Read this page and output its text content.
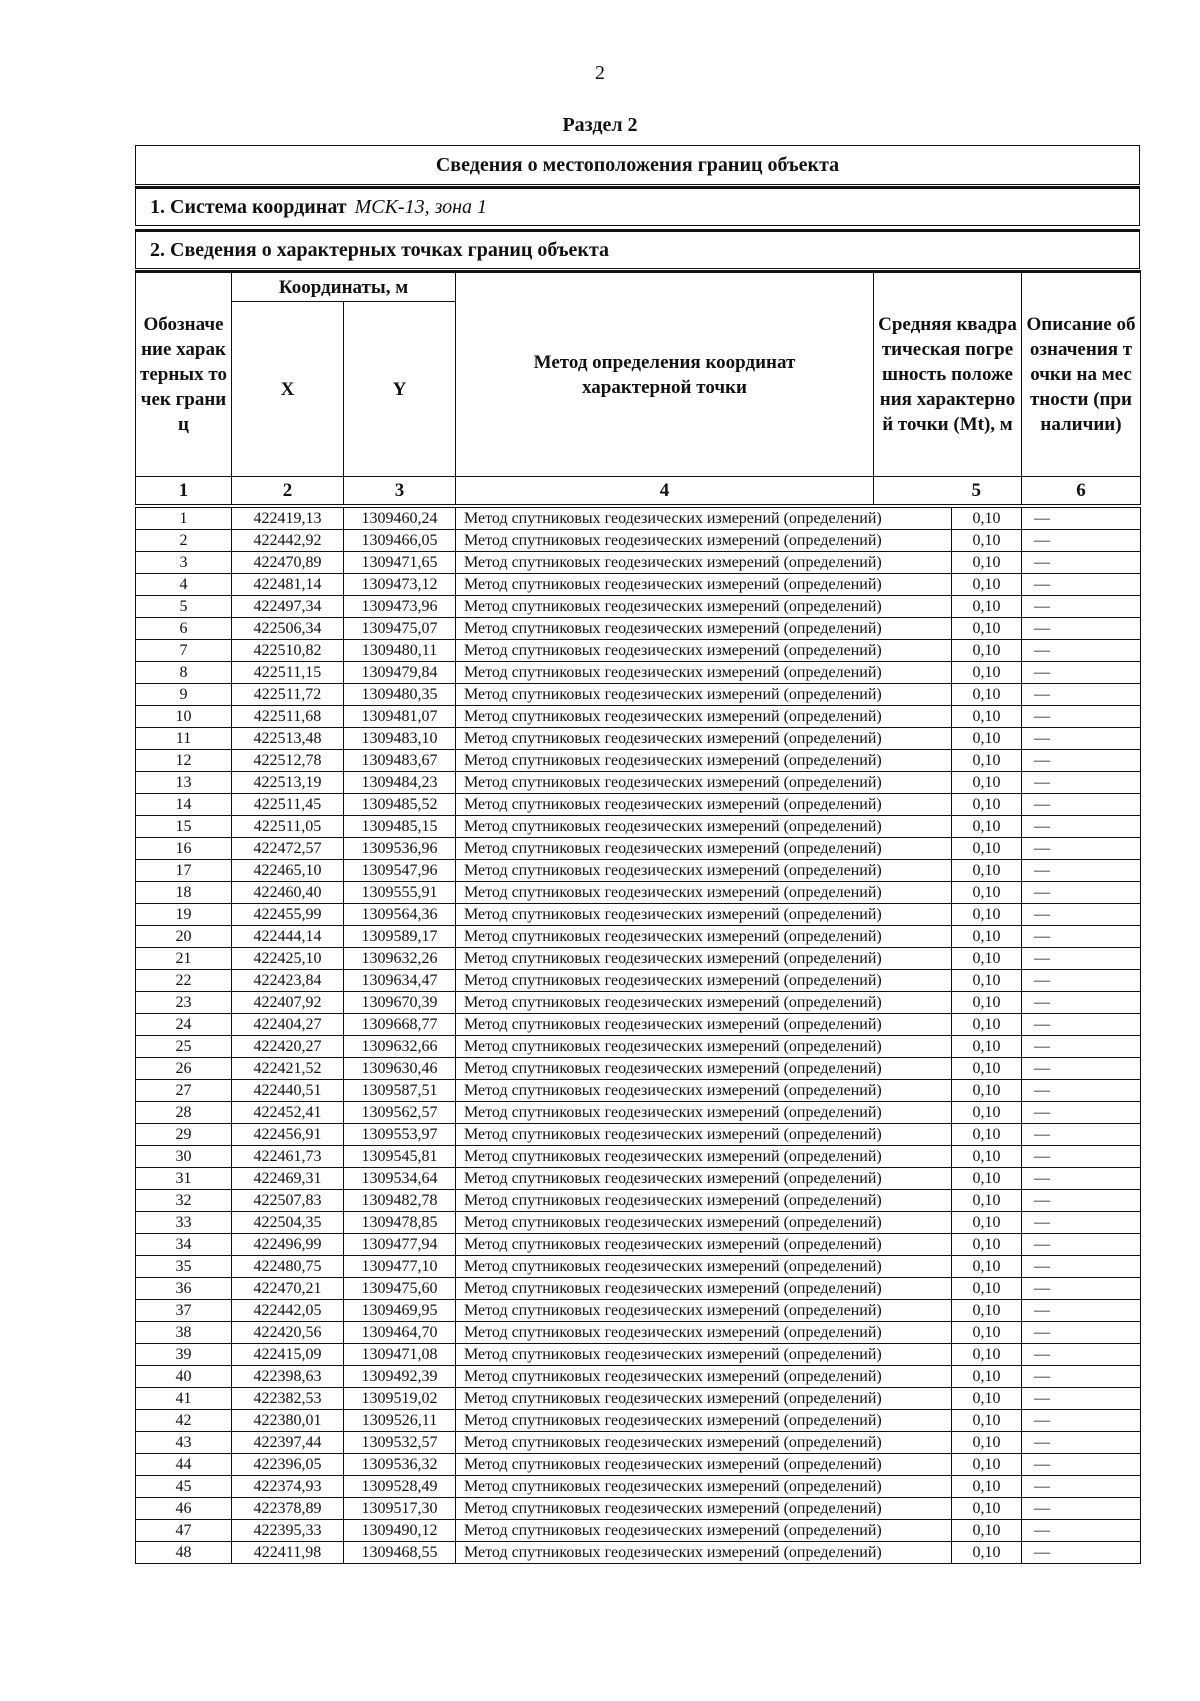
2
Раздел 2
Сведения о местоположения границ объекта
1. Система координат МСК-13, зона 1
2. Сведения о характерных точках границ объекта
Обозначение характерных точек границ	Координаты, м		Метод определения координат характерной точки	Средняя квадратическая погрешность положения характерной точки (Mt), м	Описание обозначения точки на местности (при наличии)
	X	Y			
1	2	3	4	5	6
1	422419,13	1309460,24	Метод спутниковых геодезических измерений (определений)	0,10	—
2	422442,92	1309466,05	Метод спутниковых геодезических измерений (определений)	0,10	—
3	422470,89	1309471,65	Метод спутниковых геодезических измерений (определений)	0,10	—
4	422481,14	1309473,12	Метод спутниковых геодезических измерений (определений)	0,10	—
5	422497,34	1309473,96	Метод спутниковых геодезических измерений (определений)	0,10	—
6	422506,34	1309475,07	Метод спутниковых геодезических измерений (определений)	0,10	—
7	422510,82	1309480,11	Метод спутниковых геодезических измерений (определений)	0,10	—
8	422511,15	1309479,84	Метод спутниковых геодезических измерений (определений)	0,10	—
9	422511,72	1309480,35	Метод спутниковых геодезических измерений (определений)	0,10	—
10	422511,68	1309481,07	Метод спутниковых геодезических измерений (определений)	0,10	—
11	422513,48	1309483,10	Метод спутниковых геодезических измерений (определений)	0,10	—
12	422512,78	1309483,67	Метод спутниковых геодезических измерений (определений)	0,10	—
13	422513,19	1309484,23	Метод спутниковых геодезических измерений (определений)	0,10	—
14	422511,45	1309485,52	Метод спутниковых геодезических измерений (определений)	0,10	—
15	422511,05	1309485,15	Метод спутниковых геодезических измерений (определений)	0,10	—
16	422472,57	1309536,96	Метод спутниковых геодезических измерений (определений)	0,10	—
17	422465,10	1309547,96	Метод спутниковых геодезических измерений (определений)	0,10	—
18	422460,40	1309555,91	Метод спутниковых геодезических измерений (определений)	0,10	—
19	422455,99	1309564,36	Метод спутниковых геодезических измерений (определений)	0,10	—
20	422444,14	1309589,17	Метод спутниковых геодезических измерений (определений)	0,10	—
21	422425,10	1309632,26	Метод спутниковых геодезических измерений (определений)	0,10	—
22	422423,84	1309634,47	Метод спутниковых геодезических измерений (определений)	0,10	—
23	422407,92	1309670,39	Метод спутниковых геодезических измерений (определений)	0,10	—
24	422404,27	1309668,77	Метод спутниковых геодезических измерений (определений)	0,10	—
25	422420,27	1309632,66	Метод спутниковых геодезических измерений (определений)	0,10	—
26	422421,52	1309630,46	Метод спутниковых геодезических измерений (определений)	0,10	—
27	422440,51	1309587,51	Метод спутниковых геодезических измерений (определений)	0,10	—
28	422452,41	1309562,57	Метод спутниковых геодезических измерений (определений)	0,10	—
29	422456,91	1309553,97	Метод спутниковых геодезических измерений (определений)	0,10	—
30	422461,73	1309545,81	Метод спутниковых геодезических измерений (определений)	0,10	—
31	422469,31	1309534,64	Метод спутниковых геодезических измерений (определений)	0,10	—
32	422507,83	1309482,78	Метод спутниковых геодезических измерений (определений)	0,10	—
33	422504,35	1309478,85	Метод спутниковых геодезических измерений (определений)	0,10	—
34	422496,99	1309477,94	Метод спутниковых геодезических измерений (определений)	0,10	—
35	422480,75	1309477,10	Метод спутниковых геодезических измерений (определений)	0,10	—
36	422470,21	1309475,60	Метод спутниковых геодезических измерений (определений)	0,10	—
37	422442,05	1309469,95	Метод спутниковых геодезических измерений (определений)	0,10	—
38	422420,56	1309464,70	Метод спутниковых геодезических измерений (определений)	0,10	—
39	422415,09	1309471,08	Метод спутниковых геодезических измерений (определений)	0,10	—
40	422398,63	1309492,39	Метод спутниковых геодезических измерений (определений)	0,10	—
41	422382,53	1309519,02	Метод спутниковых геодезических измерений (определений)	0,10	—
42	422380,01	1309526,11	Метод спутниковых геодезических измерений (определений)	0,10	—
43	422397,44	1309532,57	Метод спутниковых геодезических измерений (определений)	0,10	—
44	422396,05	1309536,32	Метод спутниковых геодезических измерений (определений)	0,10	—
45	422374,93	1309528,49	Метод спутниковых геодезических измерений (определений)	0,10	—
46	422378,89	1309517,30	Метод спутниковых геодезических измерений (определений)	0,10	—
47	422395,33	1309490,12	Метод спутниковых геодезических измерений (определений)	0,10	—
48	422411,98	1309468,55	Метод спутниковых геодезических измерений (определений)	0,10	—
